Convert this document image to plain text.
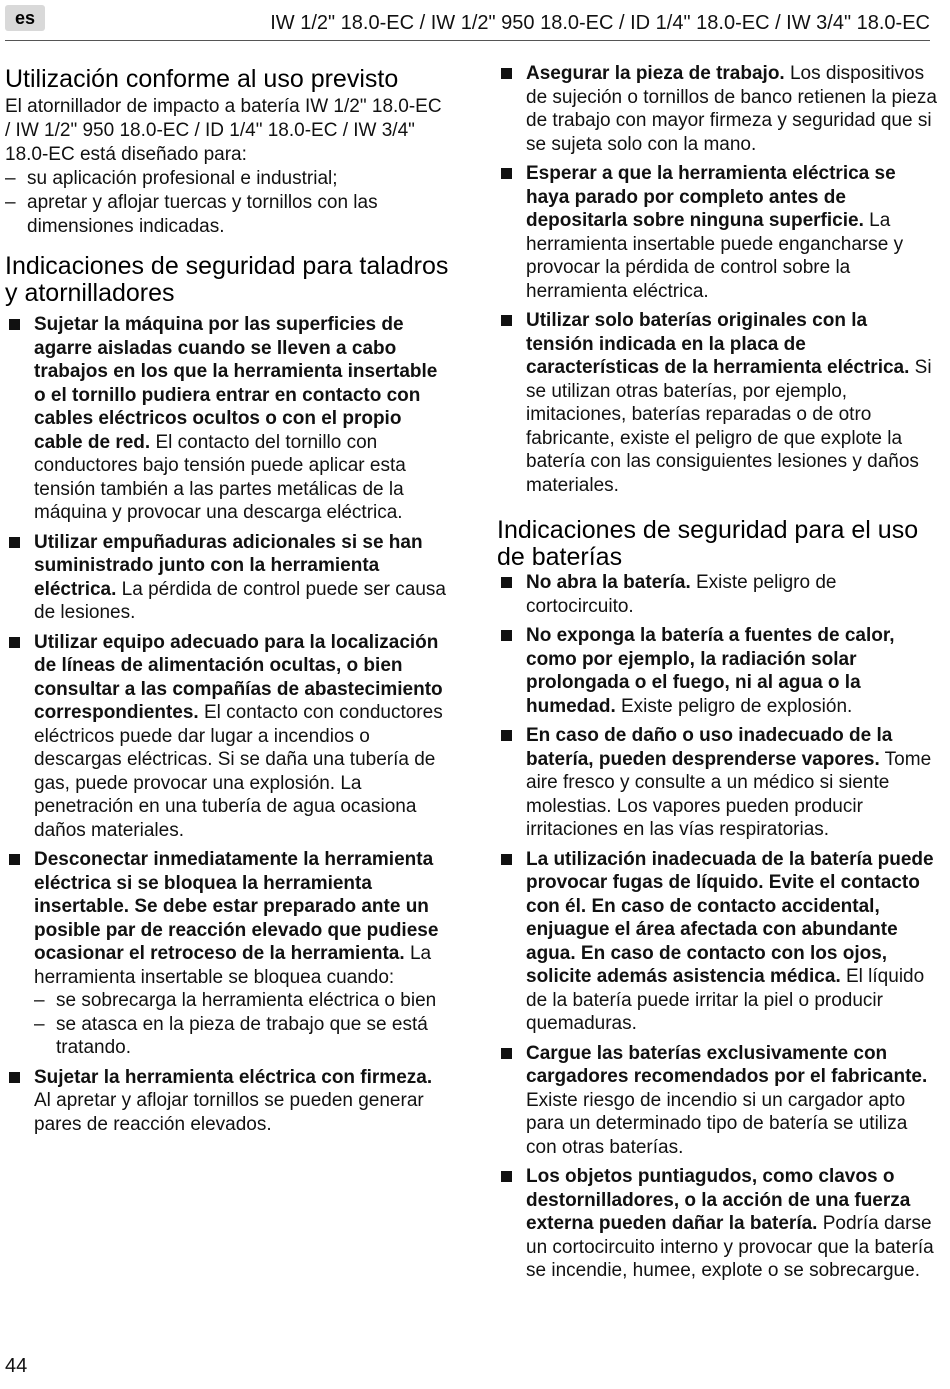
es	IW 1/2" 18.0-EC / IW 1/2" 950 18.0-EC / ID 1/4" 18.0-EC / IW 3/4" 18.0-EC
Utilización conforme al uso previsto

El atornillador de impacto a batería IW 1/2" 18.0-EC / IW 1/2" 950 18.0-EC / ID 1/4" 18.0-EC / IW 3/4" 18.0-EC está diseñado para:

– su aplicación profesional e industrial;
– apretar y aflojar tuercas y tornillos con las dimensiones indicadas.
Indicaciones de seguridad para taladros y atornilladores
Sujetar la máquina por las superficies de agarre aisladas cuando se lleven a cabo trabajos en los que la herramienta insertable o el tornillo pudiera entrar en contacto con cables eléctricos ocultos o con el propio cable de red. El contacto del tornillo con conductores bajo tensión puede aplicar esta tensión también a las partes metálicas de la máquina y provocar una descarga eléctrica.
Utilizar empuñaduras adicionales si se han suministrado junto con la herramienta eléctrica. La pérdida de control puede ser causa de lesiones.
Utilizar equipo adecuado para la localización de líneas de alimentación ocultas, o bien consultar a las compañías de abastecimiento correspondientes. El contacto con conductores eléctricos puede dar lugar a incendios o descargas eléctricas. Si se daña una tubería de gas, puede provocar una explosión. La penetración en una tubería de agua ocasiona daños materiales.
Desconectar inmediatamente la herramienta eléctrica si se bloquea la herramienta insertable. Se debe estar preparado ante un posible par de reacción elevado que pudiese ocasionar el retroceso de la herramienta. La herramienta insertable se bloquea cuando:
– se sobrecarga la herramienta eléctrica o bien
– se atasca en la pieza de trabajo que se está tratando.
Sujetar la herramienta eléctrica con firmeza. Al apretar y aflojar tornillos se pueden generar pares de reacción elevados.
Asegurar la pieza de trabajo. Los dispositivos de sujeción o tornillos de banco retienen la pieza de trabajo con mayor firmeza y seguridad que si se sujeta solo con la mano.
Esperar a que la herramienta eléctrica se haya parado por completo antes de depositarla sobre ninguna superficie. La herramienta insertable puede engancharse y provocar la pérdida de control sobre la herramienta eléctrica.
Utilizar solo baterías originales con la tensión indicada en la placa de características de la herramienta eléctrica. Si se utilizan otras baterías, por ejemplo, imitaciones, baterías reparadas o de otro fabricante, existe el peligro de que explote la batería con las consiguientes lesiones y daños materiales.
Indicaciones de seguridad para el uso de baterías
No abra la batería. Existe peligro de cortocircuito.
No exponga la batería a fuentes de calor, como por ejemplo, la radiación solar prolongada o el fuego, ni al agua o la humedad. Existe peligro de explosión.
En caso de daño o uso inadecuado de la batería, pueden desprenderse vapores. Tome aire fresco y consulte a un médico si siente molestias. Los vapores pueden producir irritaciones en las vías respiratorias.
La utilización inadecuada de la batería puede provocar fugas de líquido. Evite el contacto con él. En caso de contacto accidental, enjuague el área afectada con abundante agua. En caso de contacto con los ojos, solicite además asistencia médica. El líquido de la batería puede irritar la piel o producir quemaduras.
Cargue las baterías exclusivamente con cargadores recomendados por el fabricante. Existe riesgo de incendio si un cargador apto para un determinado tipo de batería se utiliza con otras baterías.
Los objetos puntiagudos, como clavos o destornilladores, o la acción de una fuerza externa pueden dañar la batería. Podría darse un cortocircuito interno y provocar que la batería se incendie, humee, explote o se sobrecargue.
44
